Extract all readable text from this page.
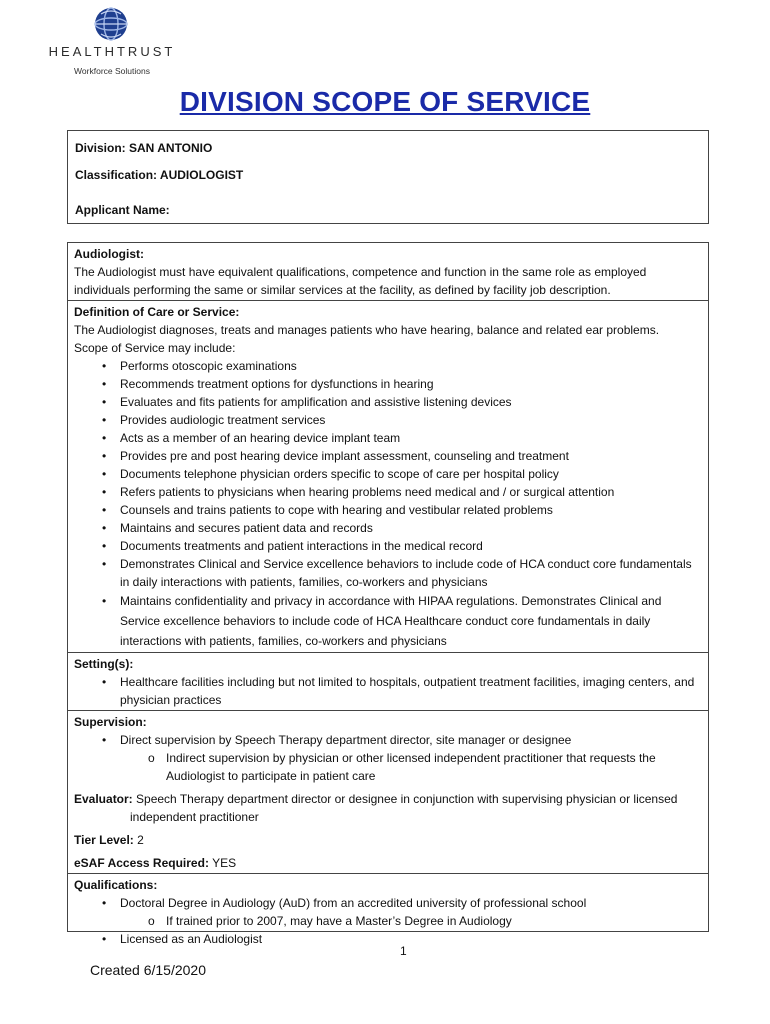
HEALTHTRUST
Workforce Solutions
DIVISION SCOPE OF SERVICE
Division: SAN ANTONIO
Classification: AUDIOLOGIST
Applicant Name:
Audiologist:
The Audiologist must have equivalent qualifications, competence and function in the same role as employed individuals performing the same or similar services at the facility, as defined by facility job description.
Definition of Care or Service:
The Audiologist diagnoses, treats and manages patients who have hearing, balance and related ear problems.
Scope of Service may include:
• Performs otoscopic examinations
• Recommends treatment options for dysfunctions in hearing
• Evaluates and fits patients for amplification and assistive listening devices
• Provides audiologic treatment services
• Acts as a member of an hearing device implant team
• Provides pre and post hearing device implant assessment, counseling and treatment
• Documents telephone physician orders specific to scope of care per hospital policy
• Refers patients to physicians when hearing problems need medical and / or surgical attention
• Counsels and trains patients to cope with hearing and vestibular related problems
• Maintains and secures patient data and records
• Documents treatments and patient interactions in the medical record
• Demonstrates Clinical and Service excellence behaviors to include code of HCA conduct core fundamentals in daily interactions with patients, families, co-workers and physicians
• Maintains confidentiality and privacy in accordance with HIPAA regulations. Demonstrates Clinical and Service excellence behaviors to include code of HCA Healthcare conduct core fundamentals in daily interactions with patients, families, co-workers and physicians
Setting(s):
• Healthcare facilities including but not limited to hospitals, outpatient treatment facilities, imaging centers, and physician practices
Supervision:
• Direct supervision by Speech Therapy department director, site manager or designee
o Indirect supervision by physician or other licensed independent practitioner that requests the Audiologist to participate in patient care
Evaluator: Speech Therapy department director or designee in conjunction with supervising physician or licensed independent practitioner
Tier Level: 2
eSAF Access Required: YES
Qualifications:
• Doctoral Degree in Audiology (AuD) from an accredited university of professional school
o If trained prior to 2007, may have a Master’s Degree in Audiology
• Licensed as an Audiologist
1
Created 6/15/2020
